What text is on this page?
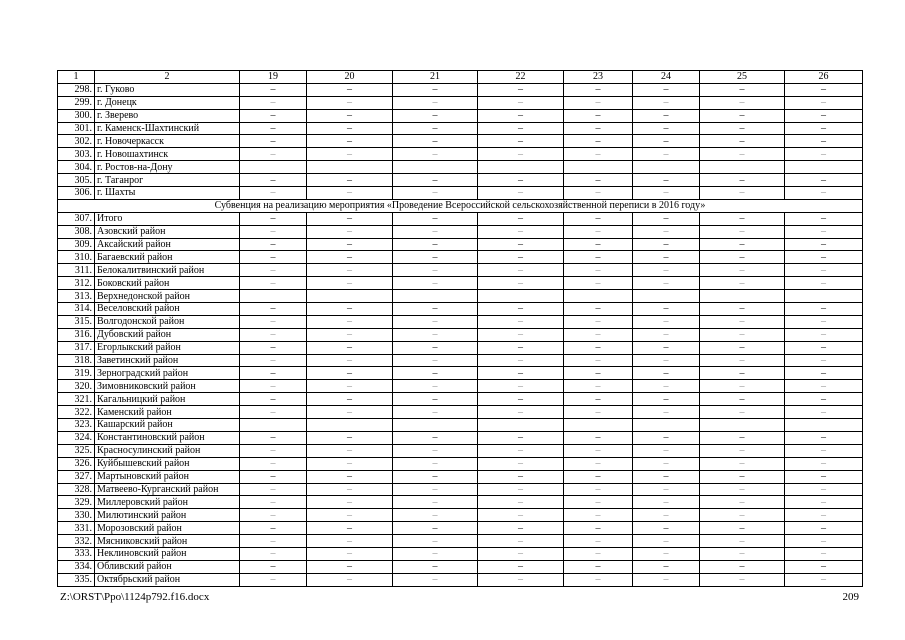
1	2	19	20	21	22	23	24	25	26
298.	г. Гуково	–	–	–	–	–	–	–	–
299.	г. Донецк	–	–	–	–	–	–	–	–
300.	г. Зверево	–	–	–	–	–	–	–	–
301.	г. Каменск-Шахтинский	–	–	–	–	–	–	–	–
302.	г. Новочеркасск	–	–	–	–	–	–	–	–
303.	г. Новошахтинск	–	–	–	–	–	–	–	–
304.	г. Ростов-на-Дону								
305.	г. Таганрог	–	–	–	–	–	–	–	–
306.	г. Шахты	–	–	–	–	–	–	–	–
Субвенция на реализацию мероприятия «Проведение Всероссийской сельскохозяйственной переписи в 2016 году»									
307.	Итого	–	–	–	–	–	–	–	–
308.	Азовский район	–	–	–	–	–	–	–	–
309.	Аксайский район	–	–	–	–	–	–	–	–
310.	Багаевский район	–	–	–	–	–	–	–	–
311.	Белокалитвинский район	–	–	–	–	–	–	–	–
312.	Боковский район	–	–	–	–	–	–	–	–
313.	Верхнедонской район								
314.	Веселовский район	–	–	–	–	–	–	–	–
315.	Волгодонской район	–	–	–	–	–	–	–	–
316.	Дубовский район	–	–	–	–	–	–	–	–
317.	Егорлыкский район	–	–	–	–	–	–	–	–
318.	Заветинский район	–	–	–	–	–	–	–	–
319.	Зерноградский район	–	–	–	–	–	–	–	–
320.	Зимовниковский район	–	–	–	–	–	–	–	–
321.	Кагальницкий район	–	–	–	–	–	–	–	–
322.	Каменский район	–	–	–	–	–	–	–	–
323.	Кашарский район								
324.	Константиновский район	–	–	–	–	–	–	–	–
325.	Красносулинский район	–	–	–	–	–	–	–	–
326.	Куйбышевский район	–	–	–	–	–	–	–	–
327.	Мартыновский район	–	–	–	–	–	–	–	–
328.	Матвеево-Курганский район	–	–	–	–	–	–	–	–
329.	Миллеровский район	–	–	–	–	–	–	–	–
330.	Милютинский район	–	–	–	–	–	–	–	–
331.	Морозовский район	–	–	–	–	–	–	–	–
332.	Мясниковский район	–	–	–	–	–	–	–	–
333.	Неклиновский район	–	–	–	–	–	–	–	–
334.	Обливский район	–	–	–	–	–	–	–	–
335.	Октябрьский район	–	–	–	–	–	–	–	–
Z:\ORST\Ppo\1124p792.f16.docx	209
